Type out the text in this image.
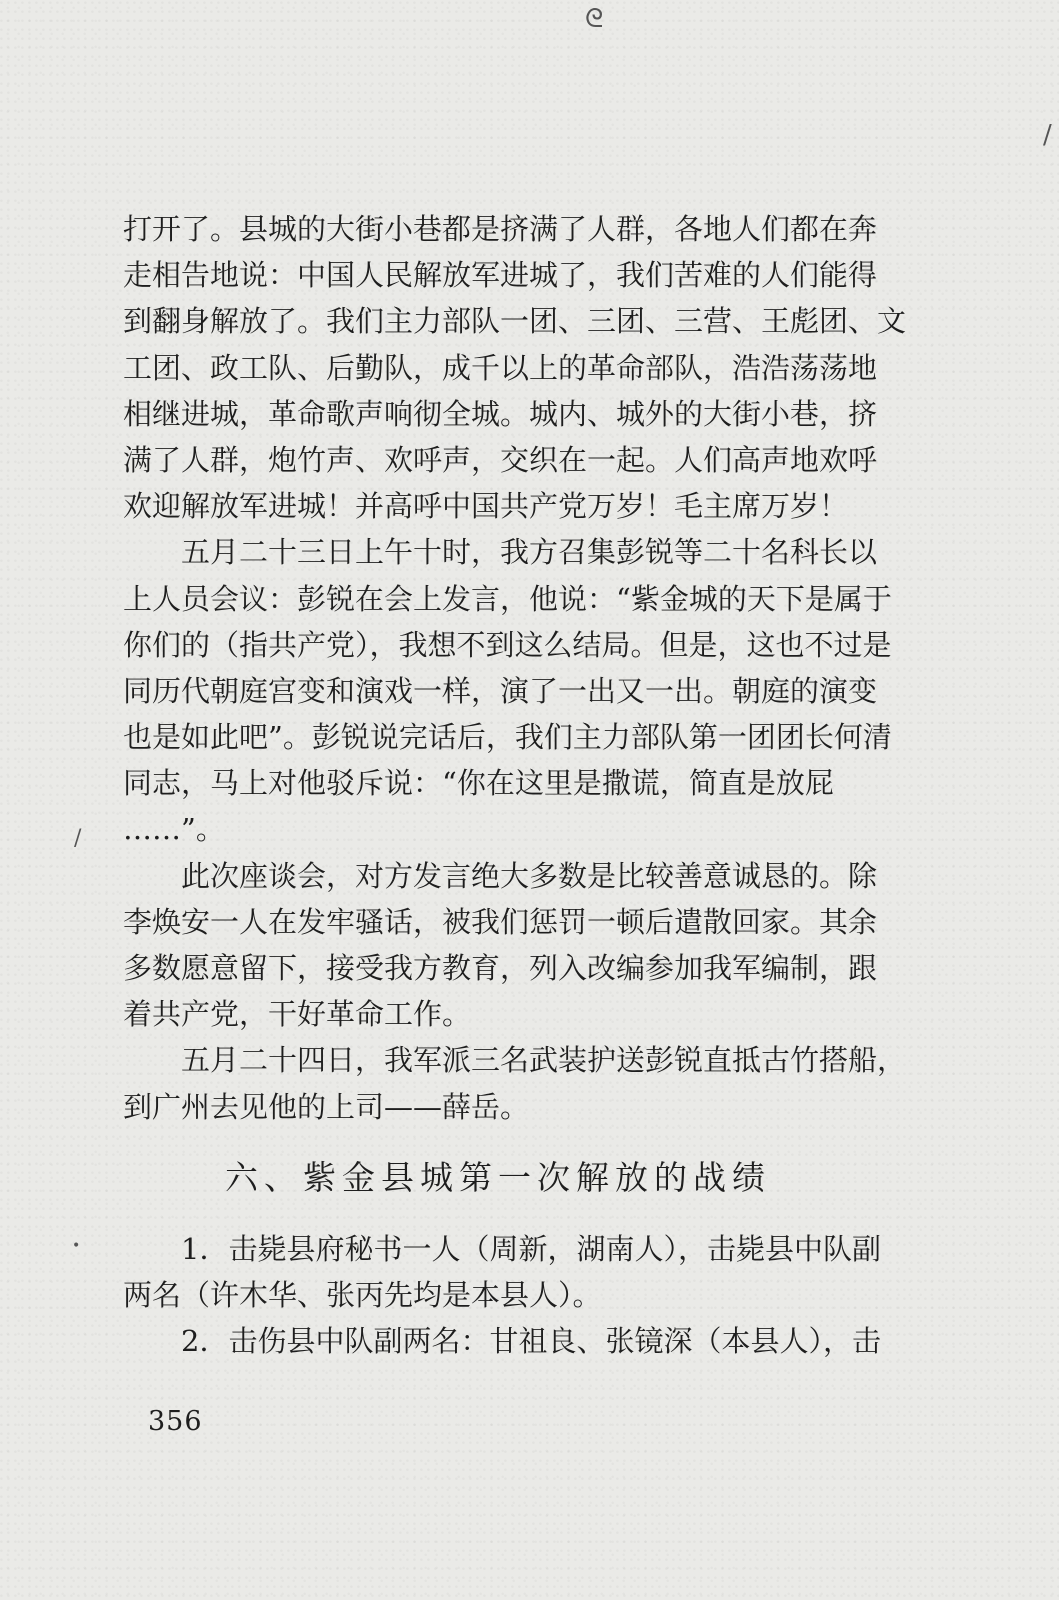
ᘓ
/
/
•
打开了。县城的大街小巷都是挤满了人群，各地人们都在奔
走相告地说：中国人民解放军进城了，我们苦难的人们能得
到翻身解放了。我们主力部队一团、三团、三营、王彪团、文
工团、政工队、后勤队，成千以上的革命部队，浩浩荡荡地
相继进城，革命歌声响彻全城。城内、城外的大街小巷，挤
满了人群，炮竹声、欢呼声，交织在一起。人们高声地欢呼
欢迎解放军进城！并高呼中国共产党万岁！毛主席万岁！
五月二十三日上午十时，我方召集彭锐等二十名科长以
上人员会议：彭锐在会上发言，他说：“紫金城的天下是属于
你们的（指共产党），我想不到这么结局。但是，这也不过是
同历代朝庭宫变和演戏一样，演了一出又一出。朝庭的演变
也是如此吧”。彭锐说完话后，我们主力部队第一团团长何清
同志，马上对他驳斥说：“你在这里是撒谎，简直是放屁
……”。
此次座谈会，对方发言绝大多数是比较善意诚恳的。除
李焕安一人在发牢骚话，被我们惩罚一顿后遣散回家。其余
多数愿意留下，接受我方教育，列入改编参加我军编制，跟
着共产党，干好革命工作。
五月二十四日，我军派三名武装护送彭锐直抵古竹搭船，
到广州去见他的上司——薛岳。
六、紫金县城第一次解放的战绩
1．击毙县府秘书一人（周新，湖南人），击毙县中队副
两名（许木华、张丙先均是本县人）。
2．击伤县中队副两名：甘祖良、张镜深（本县人），击
356
